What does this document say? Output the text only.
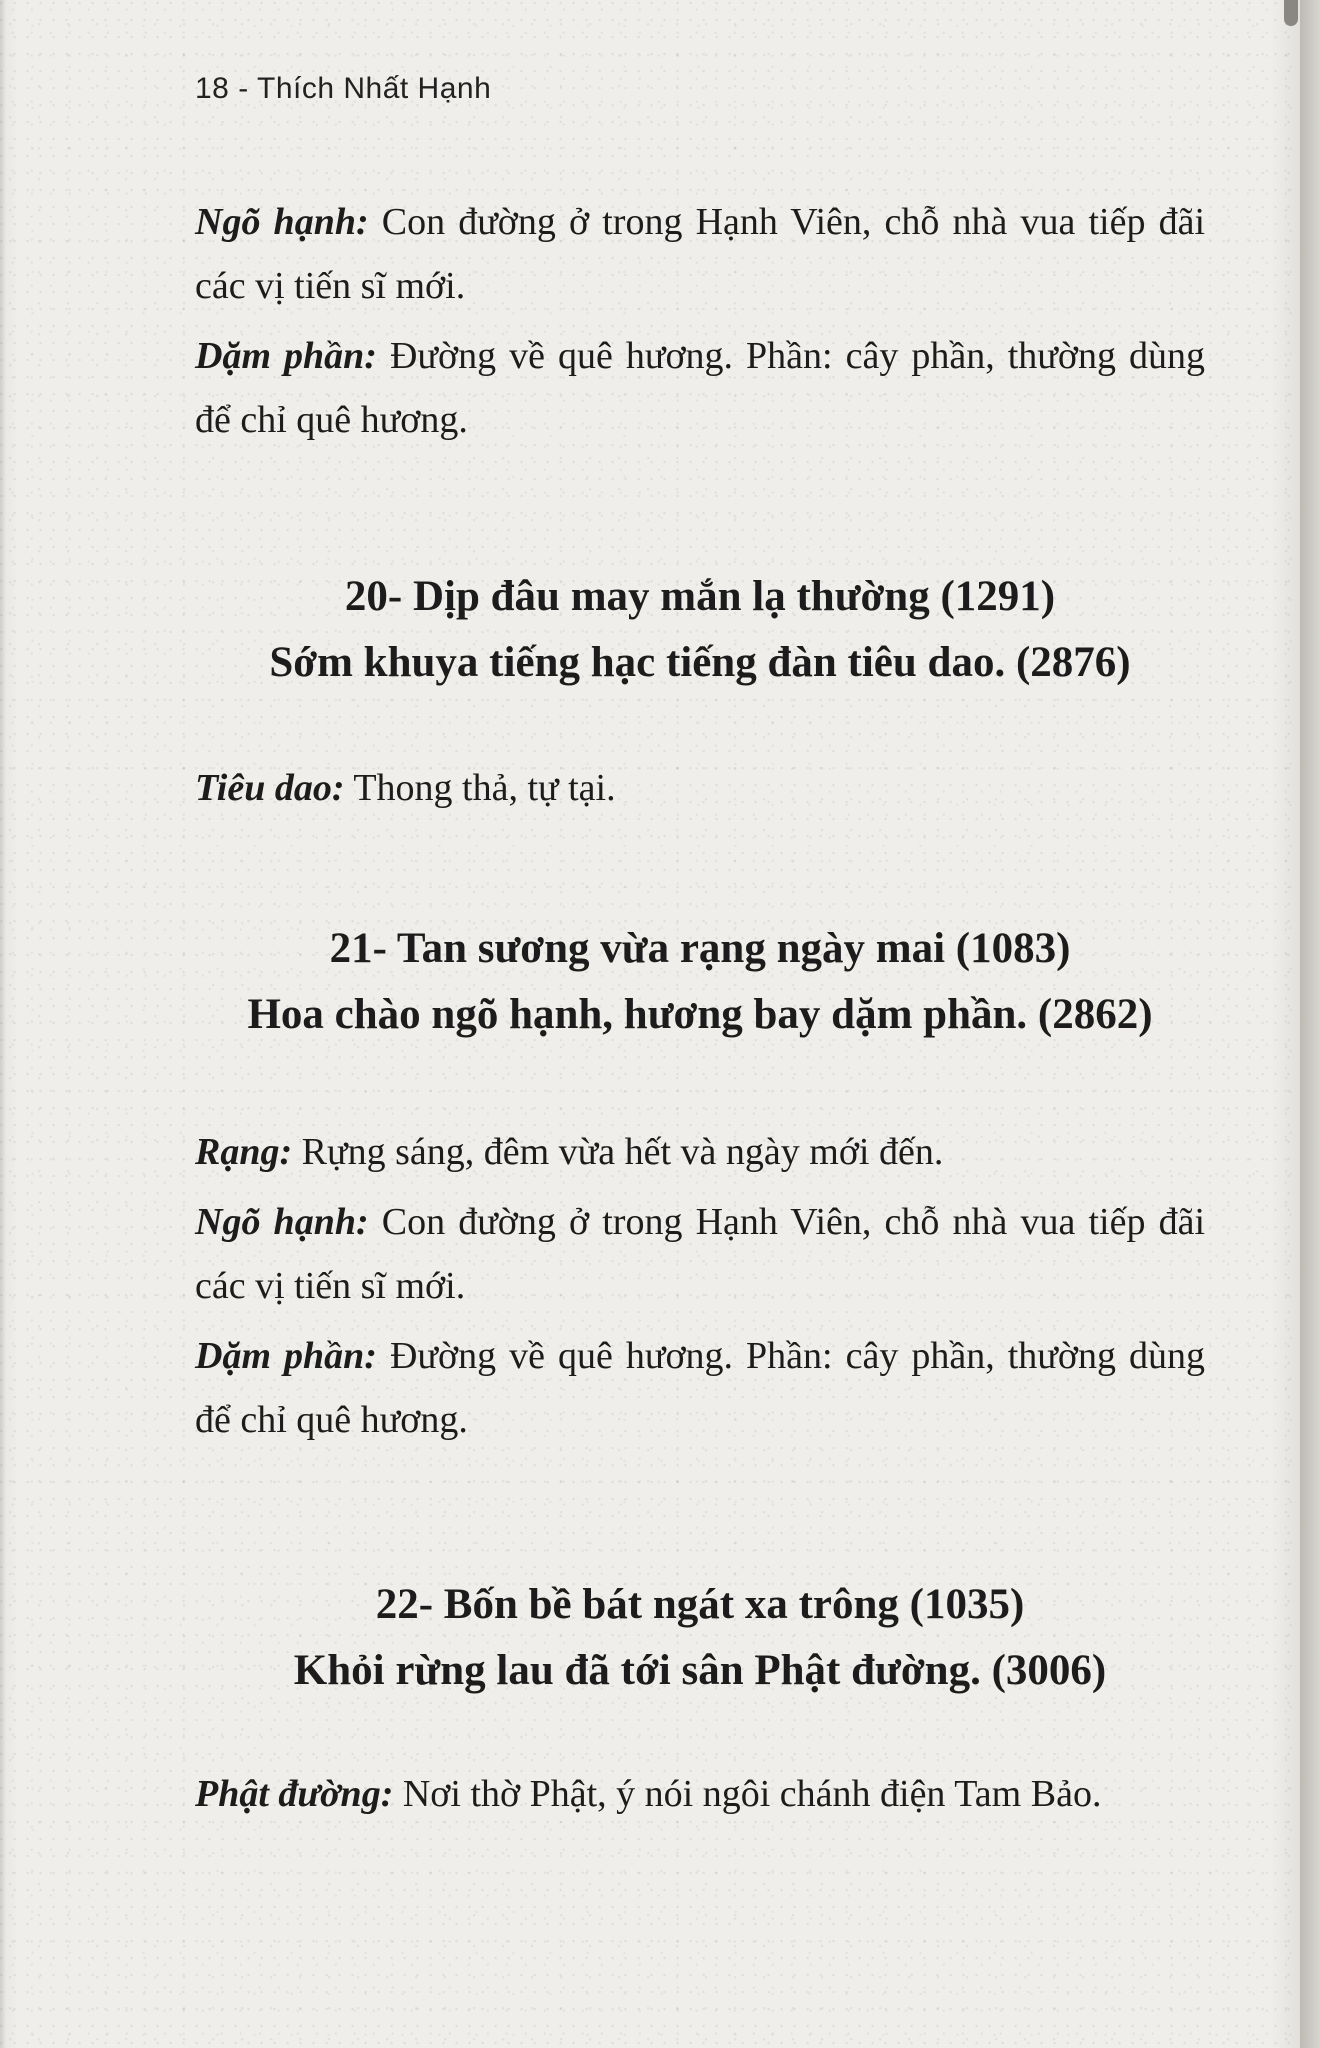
18 - Thích Nhất Hạnh

Ngõ hạnh: Con đường ở trong Hạnh Viên, chỗ nhà vua tiếp đãi các vị tiến sĩ mới.

Dặm phần: Đường về quê hương. Phần: cây phần, thường dùng để chỉ quê hương.

20- Dịp đâu may mắn lạ thường (1291)

Sớm khuya tiếng hạc tiếng đàn tiêu dao. (2876)

Tiêu dao: Thong thả, tự tại.

21- Tan sương vừa rạng ngày mai (1083)

Hoa chào ngõ hạnh, hương bay dặm phần. (2862)

Rạng: Rựng sáng, đêm vừa hết và ngày mới đến.

Ngõ hạnh: Con đường ở trong Hạnh Viên, chỗ nhà vua tiếp đãi các vị tiến sĩ mới.

Dặm phần: Đường về quê hương. Phần: cây phần, thường dùng để chỉ quê hương.

22- Bốn bề bát ngát xa trông (1035)

Khỏi rừng lau đã tới sân Phật đường. (3006)

Phật đường: Nơi thờ Phật, ý nói ngôi chánh điện Tam Bảo.
